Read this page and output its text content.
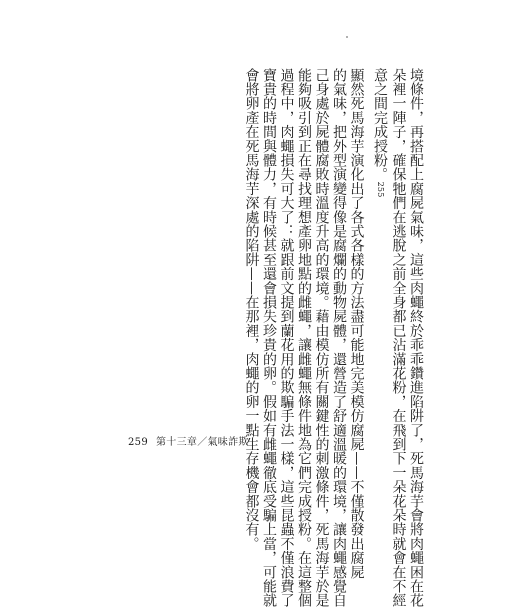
境條件，再搭配上腐屍氣味，這些肉蠅終於乖乖鑽進陷阱了，死馬海芋會將肉蠅困在花
朵裡一陣子，確保牠們在逃脫之前全身都已沾滿花粉，在飛到下一朵花朵時就會在不經
意之間完成授粉。255
顯然死馬海芋演化出了各式各樣的方法盡可能地完美模仿腐屍——不僅散發出腐屍
的氣味，把外型演變得像是腐爛的動物屍體，還營造了舒適溫暖的環境，讓肉蠅感覺自
己身處於屍體腐敗時溫度升高的環境。藉由模仿所有關鍵性的刺激條件，死馬海芋於是
能夠吸引到正在尋找理想產卵地點的雌蠅，讓雌蠅無條件地為它們完成授粉。在這整個
過程中，肉蠅損失可大了：就跟前文提到蘭花用的欺騙手法一樣，這些昆蟲不僅浪費了
寶貴的時間與體力，有時候甚至還會損失珍貴的卵。假如有雌蠅徹底受騙上當，可能就
會將卵產在死馬海芋深處的陷阱——在那裡，肉蠅的卵一點生存機會都沒有。
259 第十三章／氣味詐欺
